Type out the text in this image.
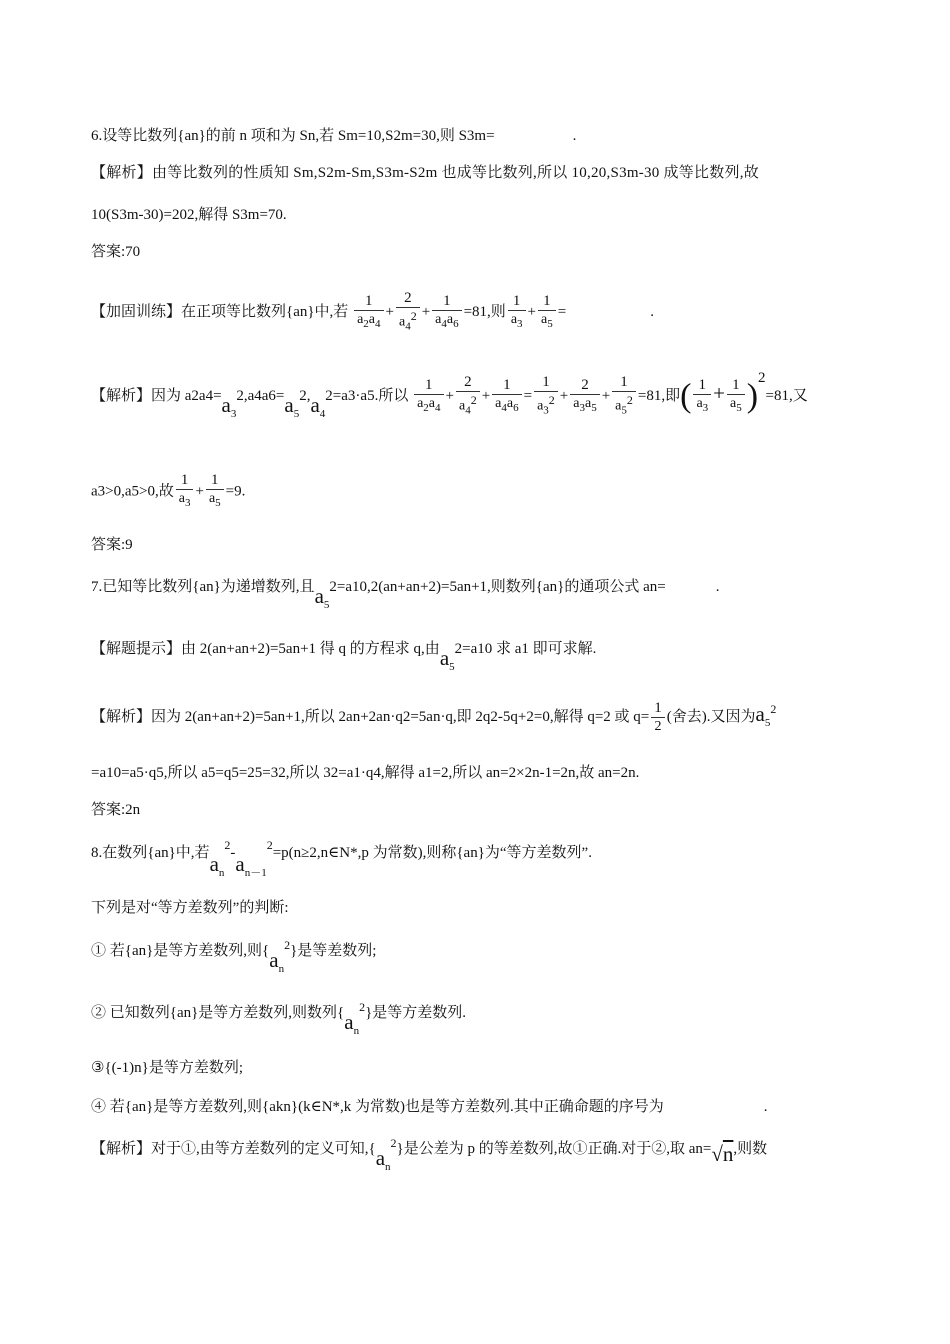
6.设等比数列{an}的前 n 项和为 Sn,若 Sm=10,S2m=30,则 S3m=	.
【解析】由等比数列的性质知 Sm,S2m-Sm,S3m-S2m 也成等比数列,所以 10,20,S3m-30 成等比数列,故
10(S3m-30)=202,解得 S3m=70.
答案:70
【加固训练】在正项等比数列{an}中,若 $\frac{1}{a_2a_4} + \frac{2}{a_4^2} + \frac{1}{a_4a_6} =81$,则 $\frac{1}{a_3} + \frac{1}{a_5}$ =	.
【解析】因为 $a2a4=a_32,a4a6=a_52,a_42=a3\cdot a5$.所以 $\frac{1}{a_2a_4} + \frac{2}{a_4^2} + \frac{1}{a_4a_6} = \frac{1}{a_3^2} + \frac{2}{a_3a_5} + \frac{1}{a_5^2} =81$,即( $\frac{1}{a_3} + \frac{1}{a_5} )^2=81$,又
a3>0,a5>0,故 $\frac{1}{a_3} + \frac{1}{a_5} =9$.
答案:9
7.已知等比数列{an}为递增数列,且$a_52=a10,2(an+an+2)=5an+1$,则数列{an}的通项公式 an=	.
【解题提示】由 2(an+an+2)=5an+1 得 q 的方程求 q,由$a_52=a10$ 求 a1 即可求解.
【解析】因为 2(an+an+2)=5an+1,所以 2an+2an·q2=5an·q,即 2q2-5q+2=0,解得 q=2 或 $q= \frac{1}{2}$ (舍去).又因为$a_5^2$
=a10=a5·q5,所以 a5=q5=25=32,所以 32=a1·q4,解得 a1=2,所以 an=2×2n-1=2n,故 an=2n.
答案:2n
8.在数列{an}中,若$a_n^2-a_{n-1}^2=p(n\ge 2,n\in N*,p$ 为常数),则称{an}为“等方差数列”.
下列是对“等方差数列”的判断:
① 若{an}是等方差数列,则$\{a_n^2\}$是等差数列;
② 已知数列{an}是等方差数列,则数列$\{a_n^2\}$是等方差数列.
③{(-1)n}是等方差数列;
④ 若{an}是等方差数列,则{akn}(k∈N*,k 为常数)也是等方差数列.其中正确命题的序号为	.
【解析】对于①,由等方差数列的定义可知$,\{a_n^2\}$是公差为 p 的等差数列,故①正确.对于②,取 an=√n,则数
